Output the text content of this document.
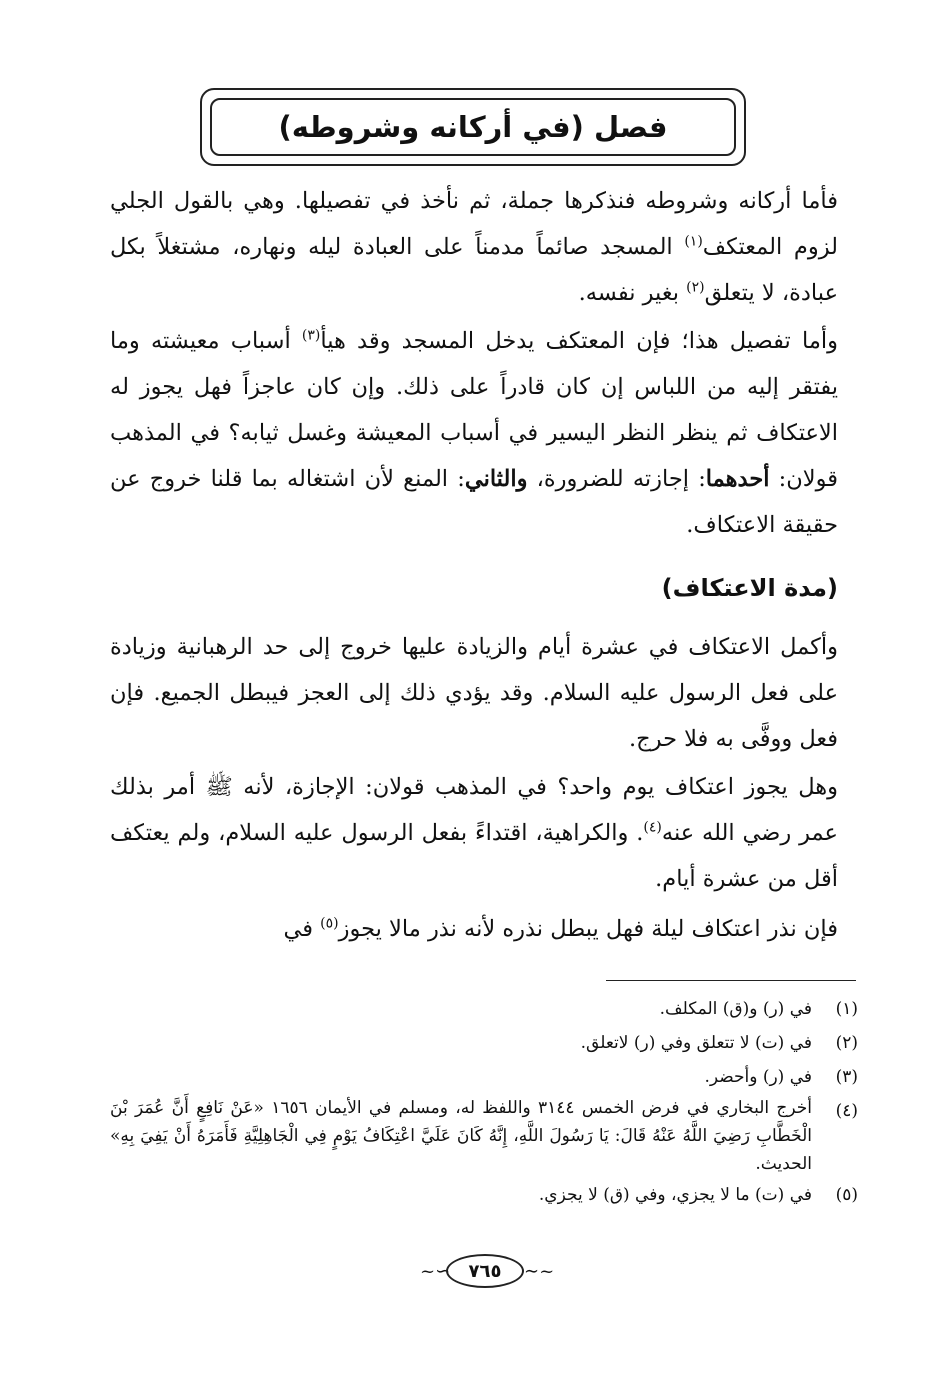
فصل (في أركانه وشروطه)

فأما أركانه وشروطه فنذكرها جملة، ثم نأخذ في تفصيلها. وهي بالقول الجلي لزوم المعتكف$^{(١)}$ المسجد صائماً مدمناً على العبادة ليله ونهاره، مشتغلاً بكل عبادة، لا يتعلق$^{(٢)}$ بغير نفسه.

وأما تفصيل هذا؛ فإن المعتكف يدخل المسجد وقد هيأ$^{(٣)}$ أسباب معيشته وما يفتقر إليه من اللباس إن كان قادراً على ذلك. وإن كان عاجزاً فهل يجوز له الاعتكاف ثم ينظر النظر اليسير في أسباب المعيشة وغسل ثيابه؟ في المذهب قولان: أحدهما: إجازته للضرورة، والثاني: المنع لأن اشتغاله بما قلنا خروج عن حقيقة الاعتكاف.

(مدة الاعتكاف)

وأكمل الاعتكاف في عشرة أيام والزيادة عليها خروج إلى حد الرهبانية وزيادة على فعل الرسول عليه السلام. وقد يؤدي ذلك إلى العجز فيبطل الجميع. فإن فعل ووفَّى به فلا حرج.

وهل يجوز اعتكاف يوم واحد؟ في المذهب قولان: الإجازة، لأنه ﷺ أمر بذلك عمر رضي الله عنه$^{(٤)}$. والكراهية، اقتداءً بفعل الرسول عليه السلام، ولم يعتكف أقل من عشرة أيام.

فإن نذر اعتكاف ليلة فهل يبطل نذره لأنه نذر مالا يجوز$^{(٥)}$ في

(١)
في (ر) و(ق) المكلف.
(٢)
في (ت) لا تتعلق وفي (ر) لاتعلق.
(٣)
في (ر) وأحضر.
(٤)
أخرج البخاري في فرض الخمس ٣١٤٤ واللفظ له، ومسلم في الأيمان ١٦٥٦ «عَنْ نَافِعٍ أَنَّ عُمَرَ بْنَ الْخَطَّابِ رَضِيَ اللَّهُ عَنْهُ قَالَ: يَا رَسُولَ اللَّهِ، إِنَّهُ كَانَ عَلَيَّ اعْتِكَافُ يَوْمٍ فِي الْجَاهِلِيَّةِ فَأَمَرَهُ أَنْ يَفِيَ بِهِ» الحديث.
(٥)
في (ت) ما لا يجزي، وفي (ق) لا يجزي.
~∽	٧٦٥	∼~
